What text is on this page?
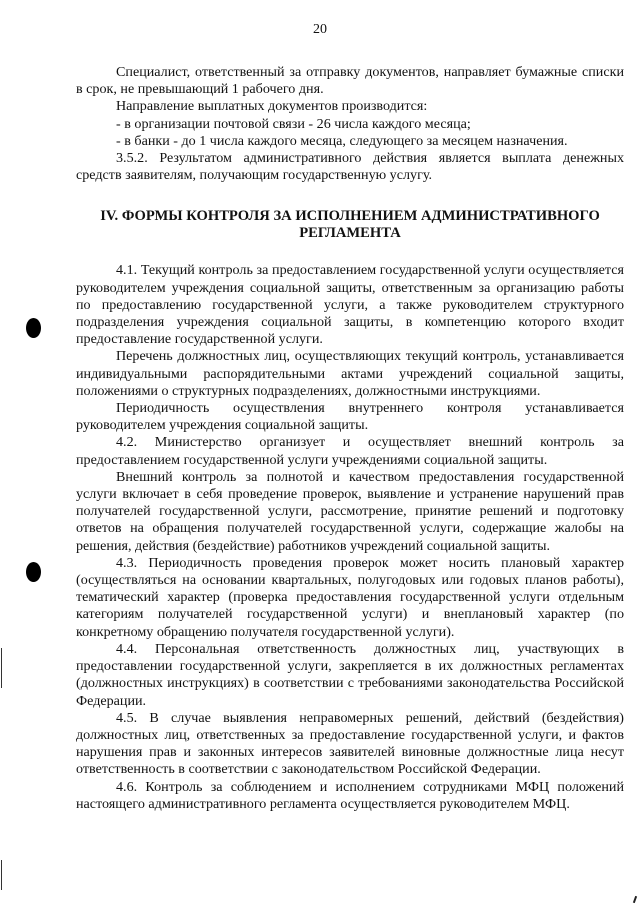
20

Специалист, ответственный за отправку документов, направляет бумажные списки в срок, не превышающий 1 рабочего дня.

Направление выплатных документов производится:

- в организации почтовой связи - 26 числа каждого месяца;

- в банки - до 1 числа каждого месяца, следующего за месяцем назначения.

3.5.2. Результатом административного действия является выплата денежных средств заявителям, получающим государственную услугу.

IV. ФОРМЫ КОНТРОЛЯ ЗА ИСПОЛНЕНИЕМ АДМИНИСТРАТИВНОГО РЕГЛАМЕНТА

4.1. Текущий контроль за предоставлением государственной услуги осуществляется руководителем учреждения социальной защиты, ответственным за организацию работы по предоставлению государственной услуги, а также руководителем структурного подразделения учреждения социальной защиты, в компетенцию которого входит предоставление государственной услуги.

Перечень должностных лиц, осуществляющих текущий контроль, устанавливается индивидуальными распорядительными актами учреждений социальной защиты, положениями о структурных подразделениях, должностными инструкциями.

Периодичность осуществления внутреннего контроля устанавливается руководителем учреждения социальной защиты.

4.2. Министерство организует и осуществляет внешний контроль за предоставлением государственной услуги учреждениями социальной защиты.

Внешний контроль за полнотой и качеством предоставления государственной услуги включает в себя проведение проверок, выявление и устранение нарушений прав получателей государственной услуги, рассмотрение, принятие решений и подготовку ответов на обращения получателей государственной услуги, содержащие жалобы на решения, действия (бездействие) работников учреждений социальной защиты.

4.3. Периодичность проведения проверок может носить плановый характер (осуществляться на основании квартальных, полугодовых или годовых планов работы), тематический характер (проверка предоставления государственной услуги отдельным категориям получателей государственной услуги) и внеплановый характер (по конкретному обращению получателя государственной услуги).

4.4. Персональная ответственность должностных лиц, участвующих в предоставлении государственной услуги, закрепляется в их должностных регламентах (должностных инструкциях) в соответствии с требованиями законодательства Российской Федерации.

4.5. В случае выявления неправомерных решений, действий (бездействия) должностных лиц, ответственных за предоставление государственной услуги, и фактов нарушения прав и законных интересов заявителей виновные должностные лица несут ответственность в соответствии с законодательством Российской Федерации.

4.6. Контроль за соблюдением и исполнением сотрудниками МФЦ положений настоящего административного регламента осуществляется руководителем МФЦ.
